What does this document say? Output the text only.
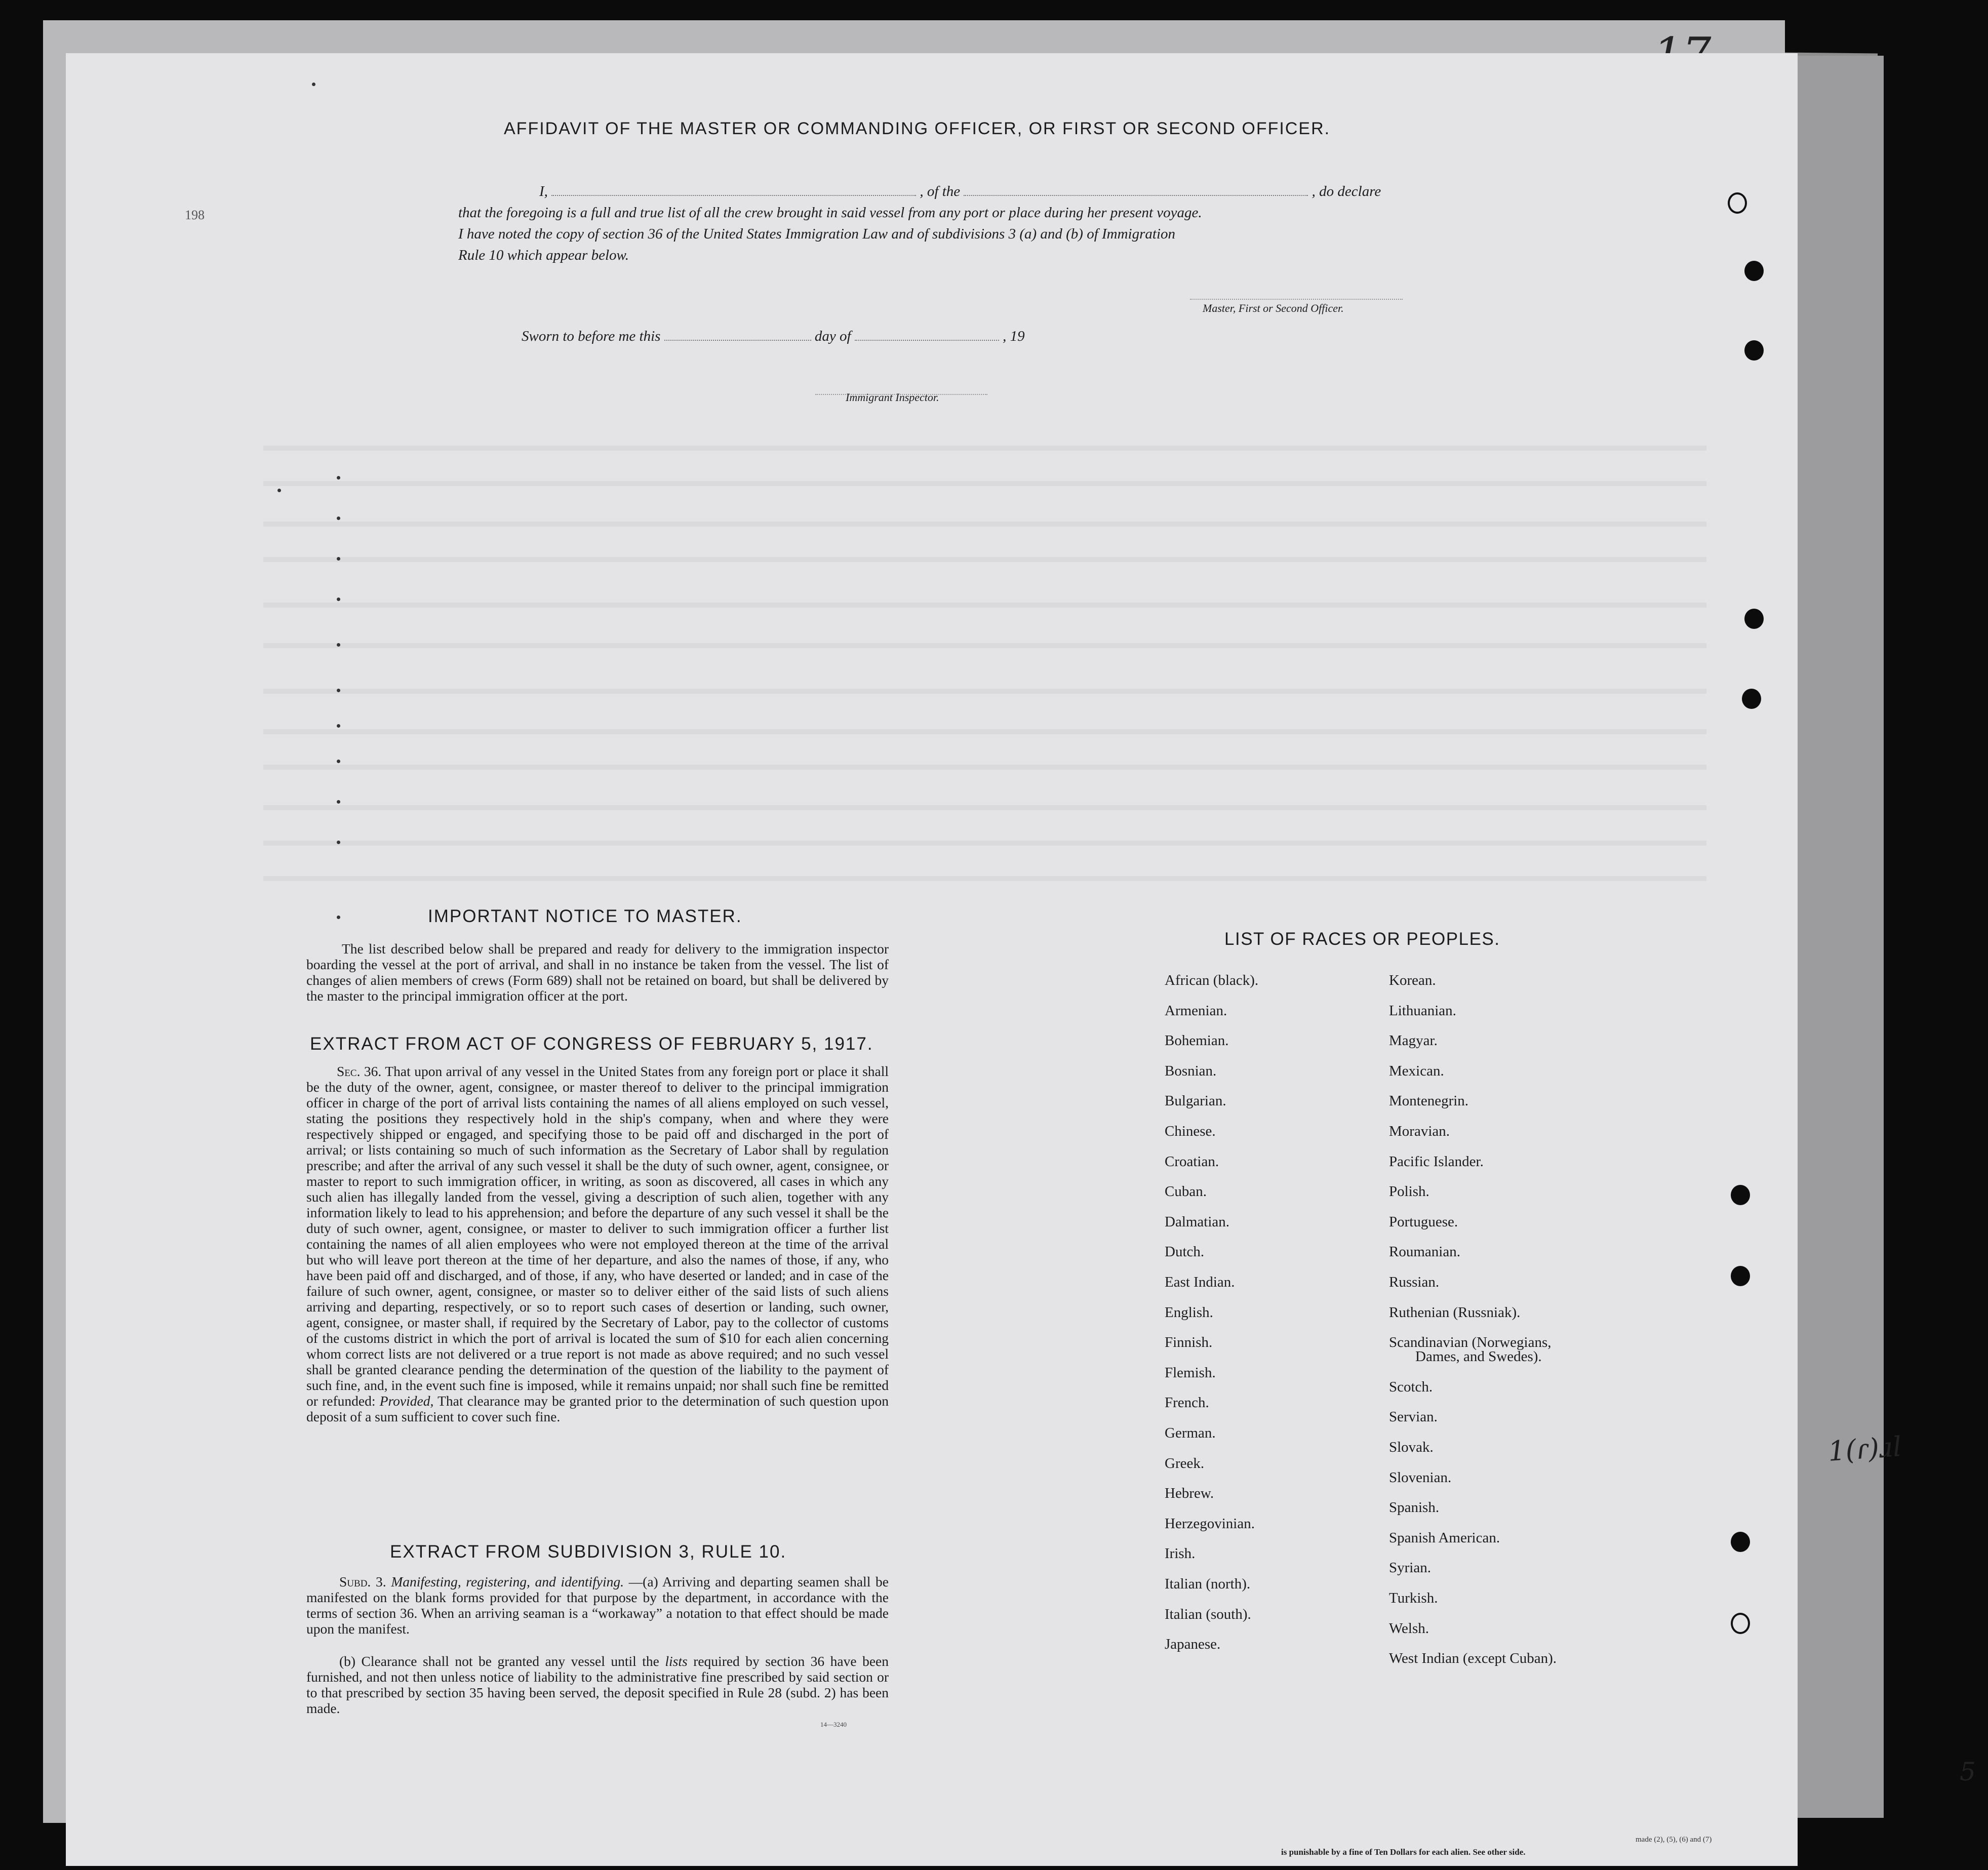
198
AFFIDAVIT OF THE MASTER OR COMMANDING OFFICER, OR FIRST OR SECOND OFFICER.
I,	, of the	, do declare
that the foregoing is a full and true list of all the crew brought in said vessel from any port or place during her present voyage.
I have noted the copy of section 36 of the United States Immigration Law and of subdivisions 3 (a) and (b) of Immigration
Rule 10 which appear below.
Master, First or Second Officer.
Sworn to before me this	day of	, 19
Immigrant Inspector.
IMPORTANT NOTICE TO MASTER.
The list described below shall be prepared and ready for delivery to the immigration inspector boarding the vessel at the port of arrival, and shall in no instance be taken from the vessel. The list of changes of alien members of crews (Form 689) shall not be retained on board, but shall be delivered by the master to the principal immigration officer at the port.
EXTRACT FROM ACT OF CONGRESS OF FEBRUARY 5, 1917.
Sec. 36. That upon arrival of any vessel in the United States from any foreign port or place it shall be the duty of the owner, agent, consignee, or master thereof to deliver to the principal immigration officer in charge of the port of arrival lists containing the names of all aliens employed on such vessel, stating the positions they respectively hold in the ship's company, when and where they were respectively shipped or engaged, and specifying those to be paid off and discharged in the port of arrival; or lists containing so much of such information as the Secretary of Labor shall by regulation prescribe; and after the arrival of any such vessel it shall be the duty of such owner, agent, consignee, or master to report to such immigration officer, in writing, as soon as discovered, all cases in which any such alien has illegally landed from the vessel, giving a description of such alien, together with any information likely to lead to his apprehension; and before the departure of any such vessel it shall be the duty of such owner, agent, consignee, or master to deliver to such immigration officer a further list containing the names of all alien employees who were not employed thereon at the time of the arrival but who will leave port thereon at the time of her departure, and also the names of those, if any, who have been paid off and discharged, and of those, if any, who have deserted or landed; and in case of the failure of such owner, agent, consignee, or master so to deliver either of the said lists of such aliens arriving and departing, respectively, or so to report such cases of desertion or landing, such owner, agent, consignee, or master shall, if required by the Secretary of Labor, pay to the collector of customs of the customs district in which the port of arrival is located the sum of $10 for each alien concerning whom correct lists are not delivered or a true report is not made as above required; and no such vessel shall be granted clearance pending the determination of the question of the liability to the payment of such fine, and, in the event such fine is imposed, while it remains unpaid; nor shall such fine be remitted or refunded: Provided, That clearance may be granted prior to the determination of such question upon deposit of a sum sufficient to cover such fine.
EXTRACT FROM SUBDIVISION 3, RULE 10.
Subd. 3. Manifesting, registering, and identifying. —(a) Arriving and departing seamen shall be manifested on the blank forms provided for that purpose by the department, in accordance with the terms of section 36. When an arriving seaman is a “workaway” a notation to that effect should be made upon the manifest.
(b) Clearance shall not be granted any vessel until the lists required by section 36 have been furnished, and not then unless notice of liability to the administrative fine prescribed by said section or to that prescribed by section 35 having been served, the deposit specified in Rule 28 (subd. 2) has been made.
14—3240
LIST OF RACES OR PEOPLES.
African (black).
Armenian.
Bohemian.
Bosnian.
Bulgarian.
Chinese.
Croatian.
Cuban.
Dalmatian.
Dutch.
East Indian.
English.
Finnish.
Flemish.
French.
German.
Greek.
Hebrew.
Herzegovinian.
Irish.
Italian (north).
Italian (south).
Japanese.
Korean.
Lithuanian.
Magyar.
Mexican.
Montenegrin.
Moravian.
Pacific Islander.
Polish.
Portuguese.
Roumanian.
Russian.
Ruthenian (Russniak).
Scandinavian (Norwegians,
Dames, and Swedes).
Scotch.
Servian.
Slovak.
Slovenian.
Spanish.
Spanish American.
Syrian.
Turkish.
Welsh.
West Indian (except Cuban).
is punishable by a fine of Ten Dollars for each alien. See other side.
made (2), (5), (6) and (7)
1(ɾ)ɹl
5
